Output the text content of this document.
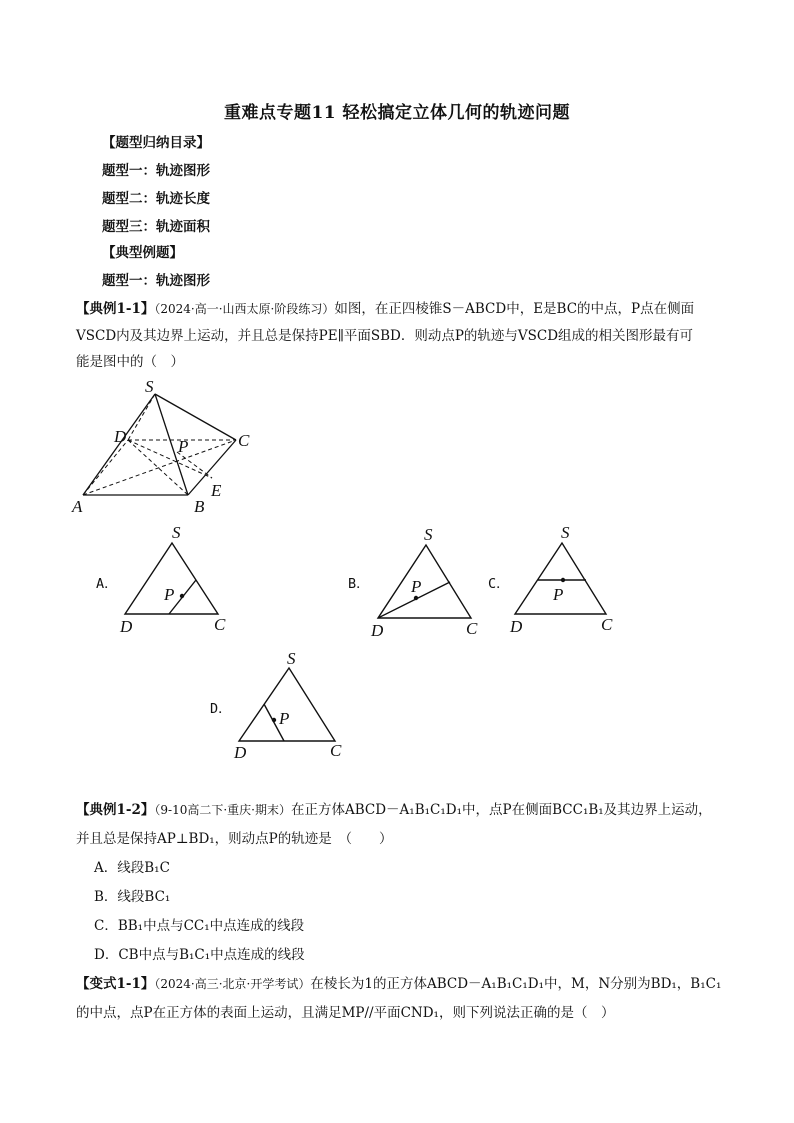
重难点专题11 轻松搞定立体几何的轨迹问题
【题型归纳目录】
题型一：轨迹图形
题型二：轨迹长度
题型三：轨迹面积
【典型例题】
题型一：轨迹图形
【典例1-1】（2024·高一·山西太原·阶段练习）如图，在正四棱锥S－ABCD中，E是BC的中点，P点在侧面
VSCD内及其边界上运动，并且总是保持PE∥平面SBD．则动点P的轨迹与VSCD组成的相关图形最有可
能是图中的（　）
S
P
D	C
A	B
E
A．
S
P
D	C
B．
S
P
D	C
C．
S
P
D	C
D．
S
P
D	C
【典例1-2】（9-10高二下·重庆·期末）在正方体ABCD－A₁B₁C₁D₁中，点P在侧面BCC₁B₁及其边界上运动，
并且总是保持AP⊥BD₁，则动点P的轨迹是　（　　）
A．线段B₁C
B．线段BC₁
C．BB₁中点与CC₁中点连成的线段
D．CB中点与B₁C₁中点连成的线段
【变式1-1】（2024·高三·北京·开学考试）在棱长为1的正方体ABCD－A₁B₁C₁D₁中，M，N分别为BD₁，B₁C₁
的中点，点P在正方体的表面上运动，且满足MP//平面CND₁，则下列说法正确的是（　）
